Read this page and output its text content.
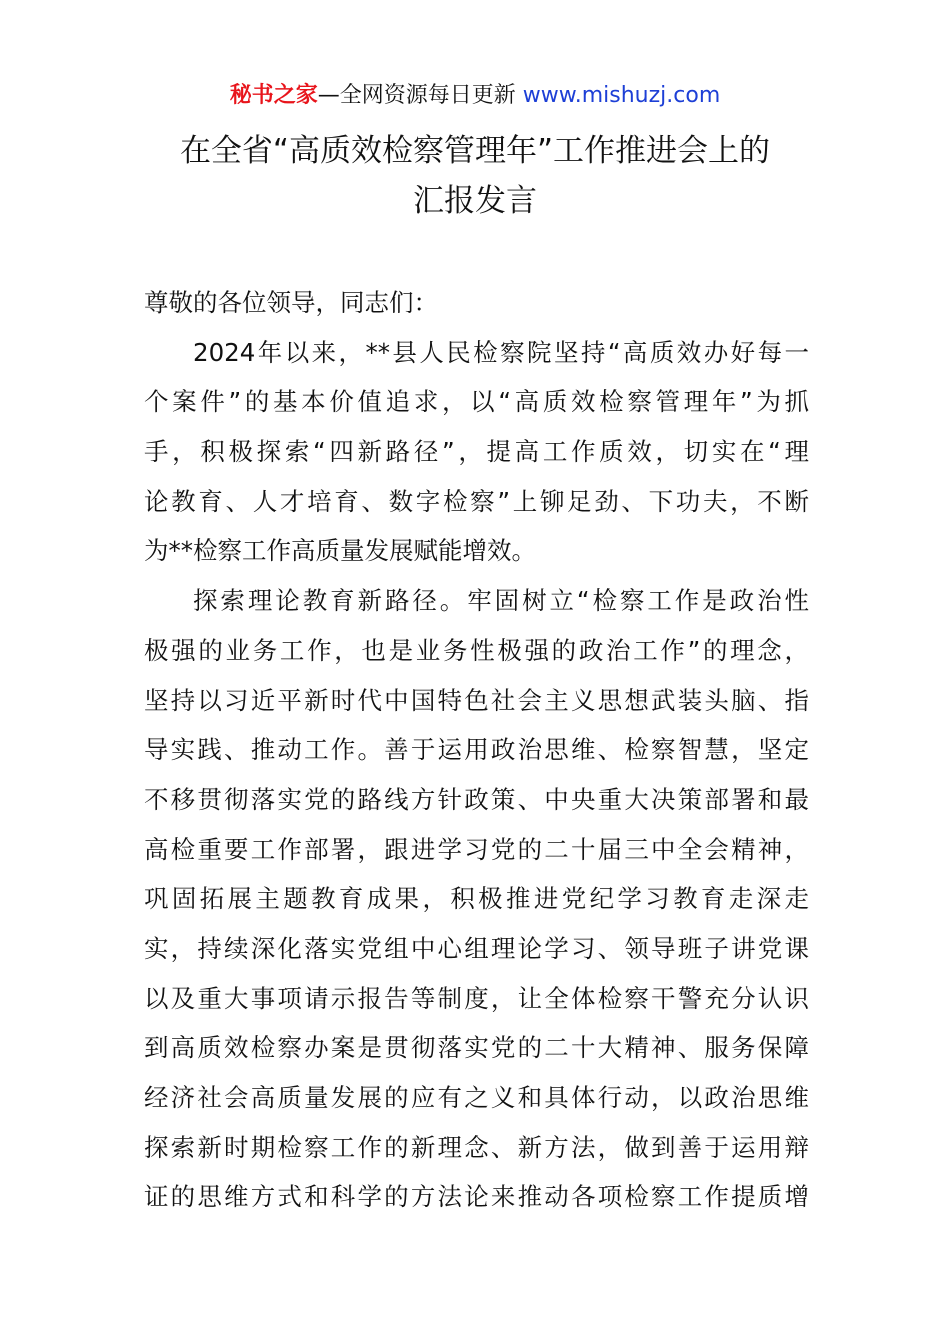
秘书之家—全网资源每日更新 www.mishuzj.com
在全省“高质效检察管理年”工作推进会上的
汇报发言
尊敬的各位领导，同志们：
2024年以来，**县人民检察院坚持“高质效办好每一
个案件”的基本价值追求，以“高质效检察管理年”为抓
手，积极探索“四新路径”，提高工作质效，切实在“理
论教育、人才培育、数字检察”上铆足劲、下功夫，不断
为**检察工作高质量发展赋能增效。
探索理论教育新路径。牢固树立“检察工作是政治性
极强的业务工作，也是业务性极强的政治工作”的理念，
坚持以习近平新时代中国特色社会主义思想武装头脑、指
导实践、推动工作。善于运用政治思维、检察智慧，坚定
不移贯彻落实党的路线方针政策、中央重大决策部署和最
高检重要工作部署，跟进学习党的二十届三中全会精神，
巩固拓展主题教育成果，积极推进党纪学习教育走深走
实，持续深化落实党组中心组理论学习、领导班子讲党课
以及重大事项请示报告等制度，让全体检察干警充分认识
到高质效检察办案是贯彻落实党的二十大精神、服务保障
经济社会高质量发展的应有之义和具体行动，以政治思维
探索新时期检察工作的新理念、新方法，做到善于运用辩
证的思维方式和科学的方法论来推动各项检察工作提质增
